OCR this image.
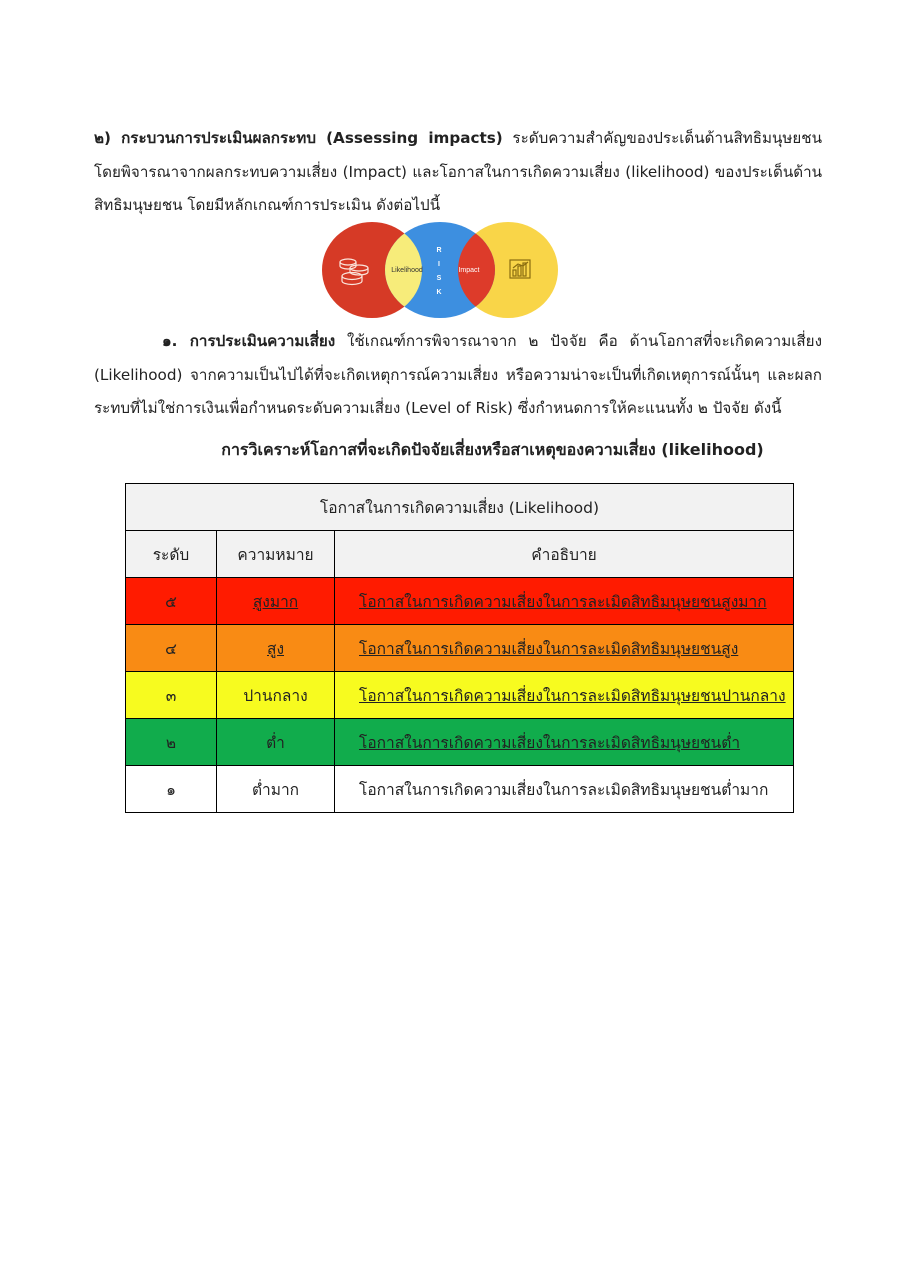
๒) กระบวนการประเมินผลกระทบ (Assessing impacts) ระดับความสำคัญของประเด็นด้านสิทธิมนุษยชน โดยพิจารณาจากผลกระทบความเสี่ยง (Impact) และโอกาสในการเกิดความเสี่ยง (likelihood) ของประเด็นด้านสิทธิมนุษยชน โดยมีหลักเกณฑ์การประเมิน ดังต่อไปนี้

Likelihood	Impact
R
I
S
K

๑. การประเมินความเสี่ยง ใช้เกณฑ์การพิจารณาจาก ๒ ปัจจัย คือ ด้านโอกาสที่จะเกิดความเสี่ยง (Likelihood) จากความเป็นไปได้ที่จะเกิดเหตุการณ์ความเสี่ยง หรือความน่าจะเป็นที่เกิดเหตุการณ์นั้นๆ และผลกระทบที่ไม่ใช่การเงินเพื่อกำหนดระดับความเสี่ยง (Level of Risk) ซึ่งกำหนดการให้คะแนนทั้ง ๒ ปัจจัย ดังนี้

การวิเคราะห์โอกาสที่จะเกิดปัจจัยเสี่ยงหรือสาเหตุของความเสี่ยง (likelihood)

โอกาสในการเกิดความเสี่ยง (Likelihood)		
ระดับ	ความหมาย	คำอธิบาย
๕	สูงมาก	โอกาสในการเกิดความเสี่ยงในการละเมิดสิทธิมนุษยชนสูงมาก
๔	สูง	โอกาสในการเกิดความเสี่ยงในการละเมิดสิทธิมนุษยชนสูง
๓	ปานกลาง	โอกาสในการเกิดความเสี่ยงในการละเมิดสิทธิมนุษยชนปานกลาง
๒	ต่ำ	โอกาสในการเกิดความเสี่ยงในการละเมิดสิทธิมนุษยชนต่ำ
๑	ต่ำมาก	โอกาสในการเกิดความเสี่ยงในการละเมิดสิทธิมนุษยชนต่ำมาก
